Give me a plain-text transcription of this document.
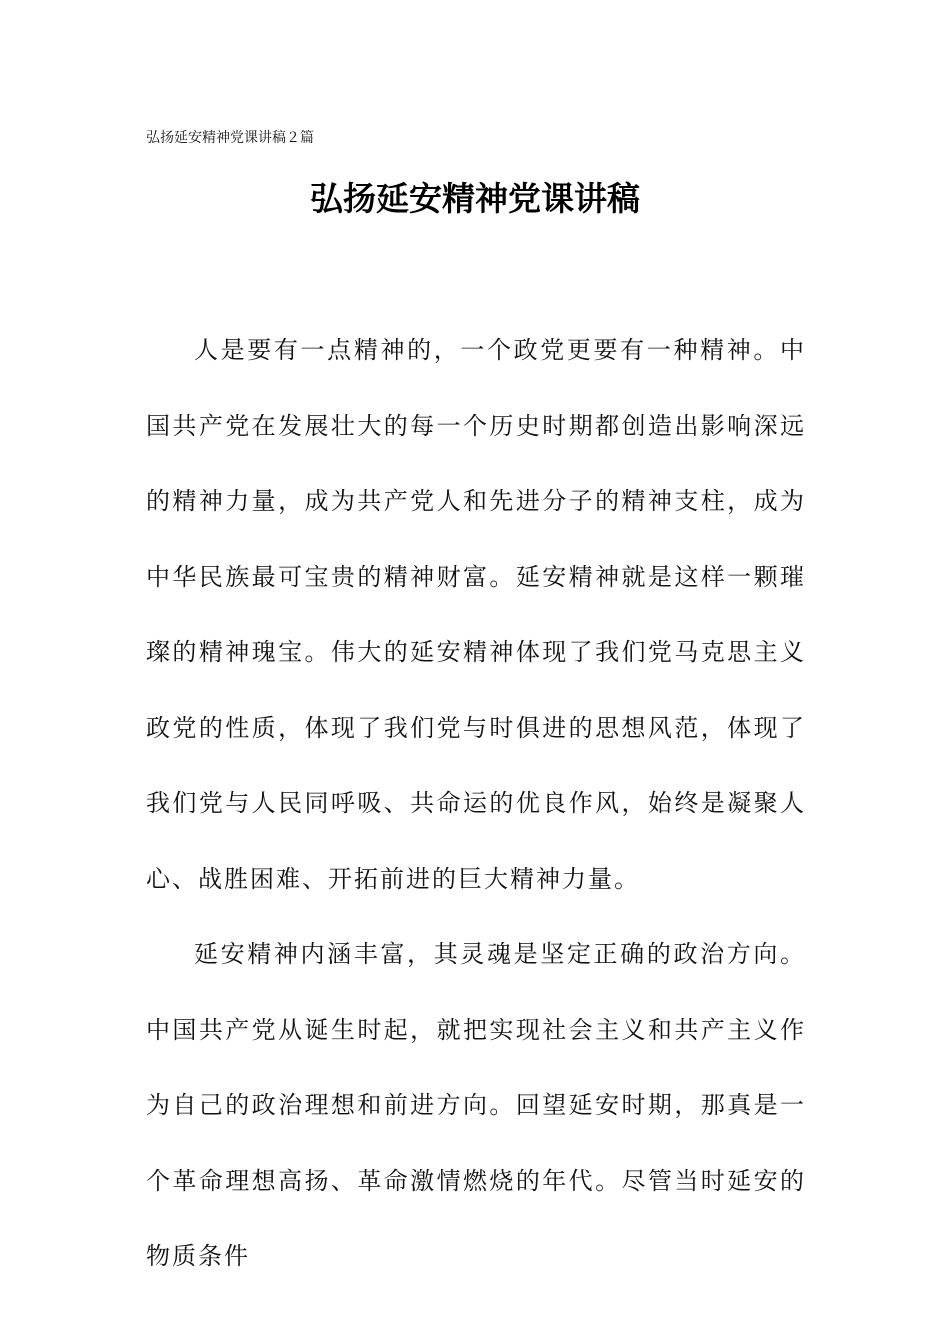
弘扬延安精神党课讲稿２篇
弘扬延安精神党课讲稿

人是要有一点精神的，一个政党更要有一种精神。中国共产党在发展壮大的每一个历史时期都创造出影响深远的精神力量，成为共产党人和先进分子的精神支柱，成为中华民族最可宝贵的精神财富。延安精神就是这样一颗璀璨的精神瑰宝。伟大的延安精神体现了我们党马克思主义政党的性质，体现了我们党与时俱进的思想风范，体现了我们党与人民同呼吸、共命运的优良作风，始终是凝聚人心、战胜困难、开拓前进的巨大精神力量。

延安精神内涵丰富，其灵魂是坚定正确的政治方向。中国共产党从诞生时起，就把实现社会主义和共产主义作为自己的政治理想和前进方向。回望延安时期，那真是一个革命理想高扬、革命激情燃烧的年代。尽管当时延安的物质条件
